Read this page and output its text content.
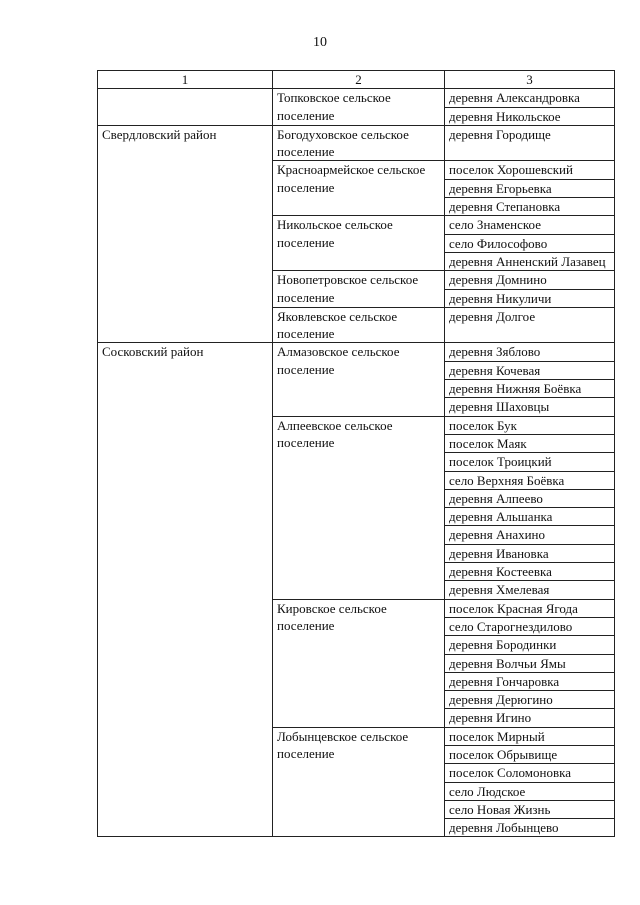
10
1	2	3
	Топковское сельское поселение	деревня Александровка
		деревня Никольское
Свердловский район	Богодуховское сельское поселение	деревня Городище
	Красноармейское сельское поселение	поселок Хорошевский
		деревня Егорьевка
		деревня Степановка
	Никольское сельское поселение	село Знаменское
		село Философово
		деревня Анненский Лазавец
	Новопетровское сельское поселение	деревня Домнино
		деревня Никуличи
	Яковлевское сельское поселение	деревня Долгое
Сосковский район	Алмазовское сельское поселение	деревня Зяблово
		деревня Кочевая
		деревня Нижняя Боёвка
		деревня Шаховцы
	Алпеевское сельское поселение	поселок Бук
		поселок Маяк
		поселок Троицкий
		село Верхняя Боёвка
		деревня Алпеево
		деревня Альшанка
		деревня Анахино
		деревня Ивановка
		деревня Костеевка
		деревня Хмелевая
	Кировское сельское поселение	поселок Красная Ягода
		село Старогнездилово
		деревня Бородинки
		деревня Волчьи Ямы
		деревня Гончаровка
		деревня Дерюгино
		деревня Игино
	Лобынцевское сельское поселение	поселок Мирный
		поселок Обрывище
		поселок Соломоновка
		село Людское
		село Новая Жизнь
		деревня Лобынцево
